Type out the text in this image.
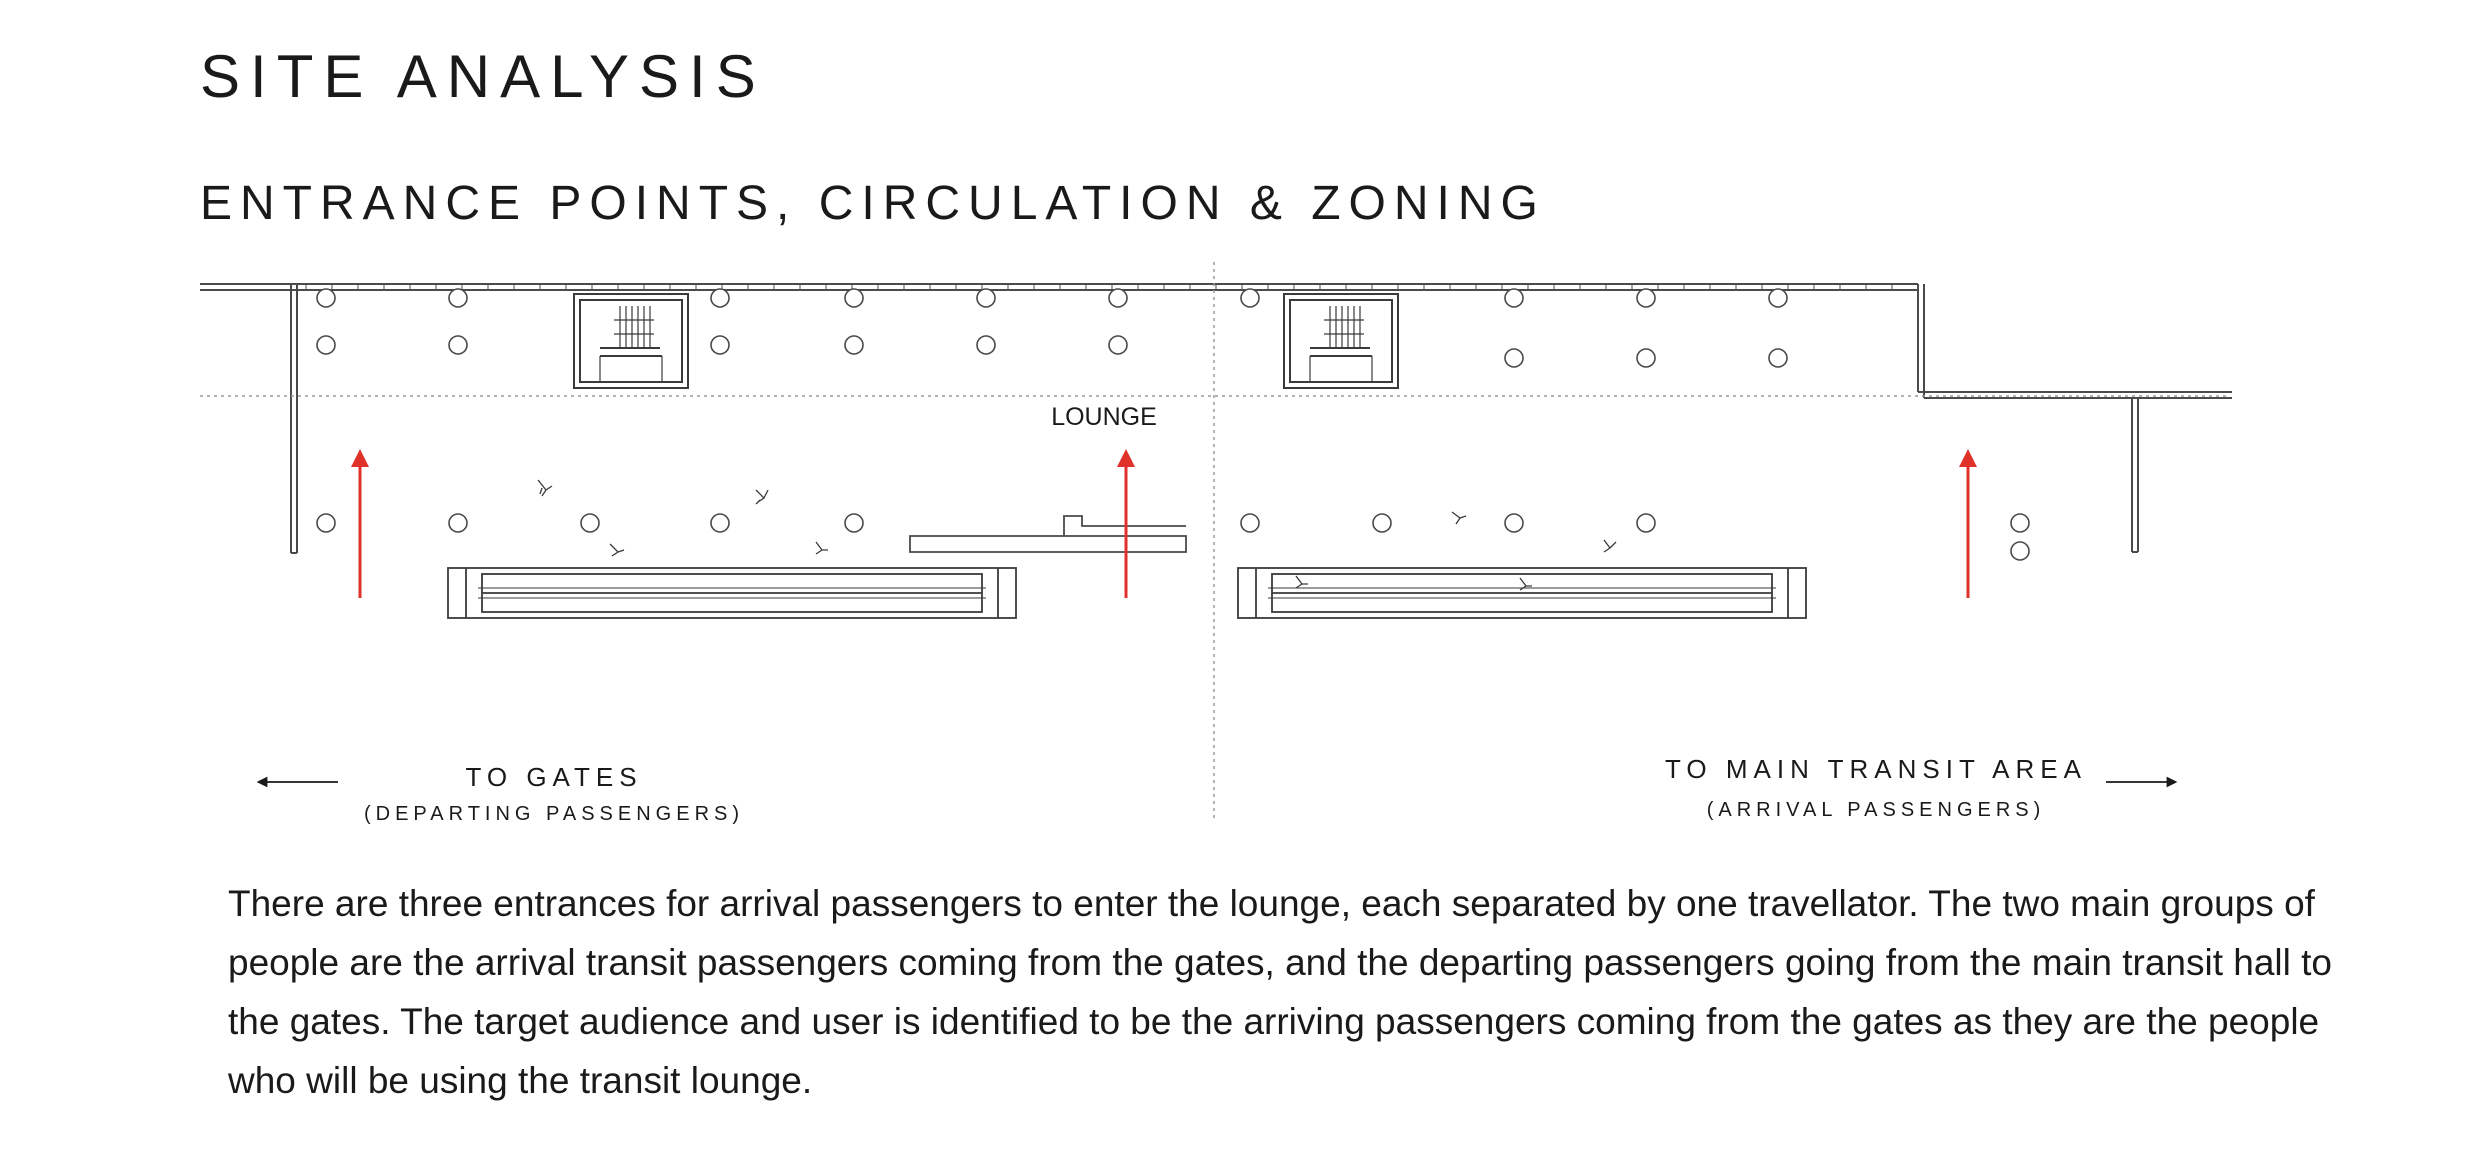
SITE ANALYSIS
ENTRANCE POINTS, CIRCULATION & ZONING
LOUNGE
TO GATES
(DEPARTING PASSENGERS)
TO MAIN TRANSIT AREA
(ARRIVAL PASSENGERS)

There are three entrances for arrival passengers to enter the lounge, each separated by one travellator. The two main groups of people are the arrival transit passengers coming from the gates, and the departing passengers going from the main transit hall to the gates. The target audience and user is identified to be the arriving passengers coming from the gates as they are the people who will be using the transit lounge.
